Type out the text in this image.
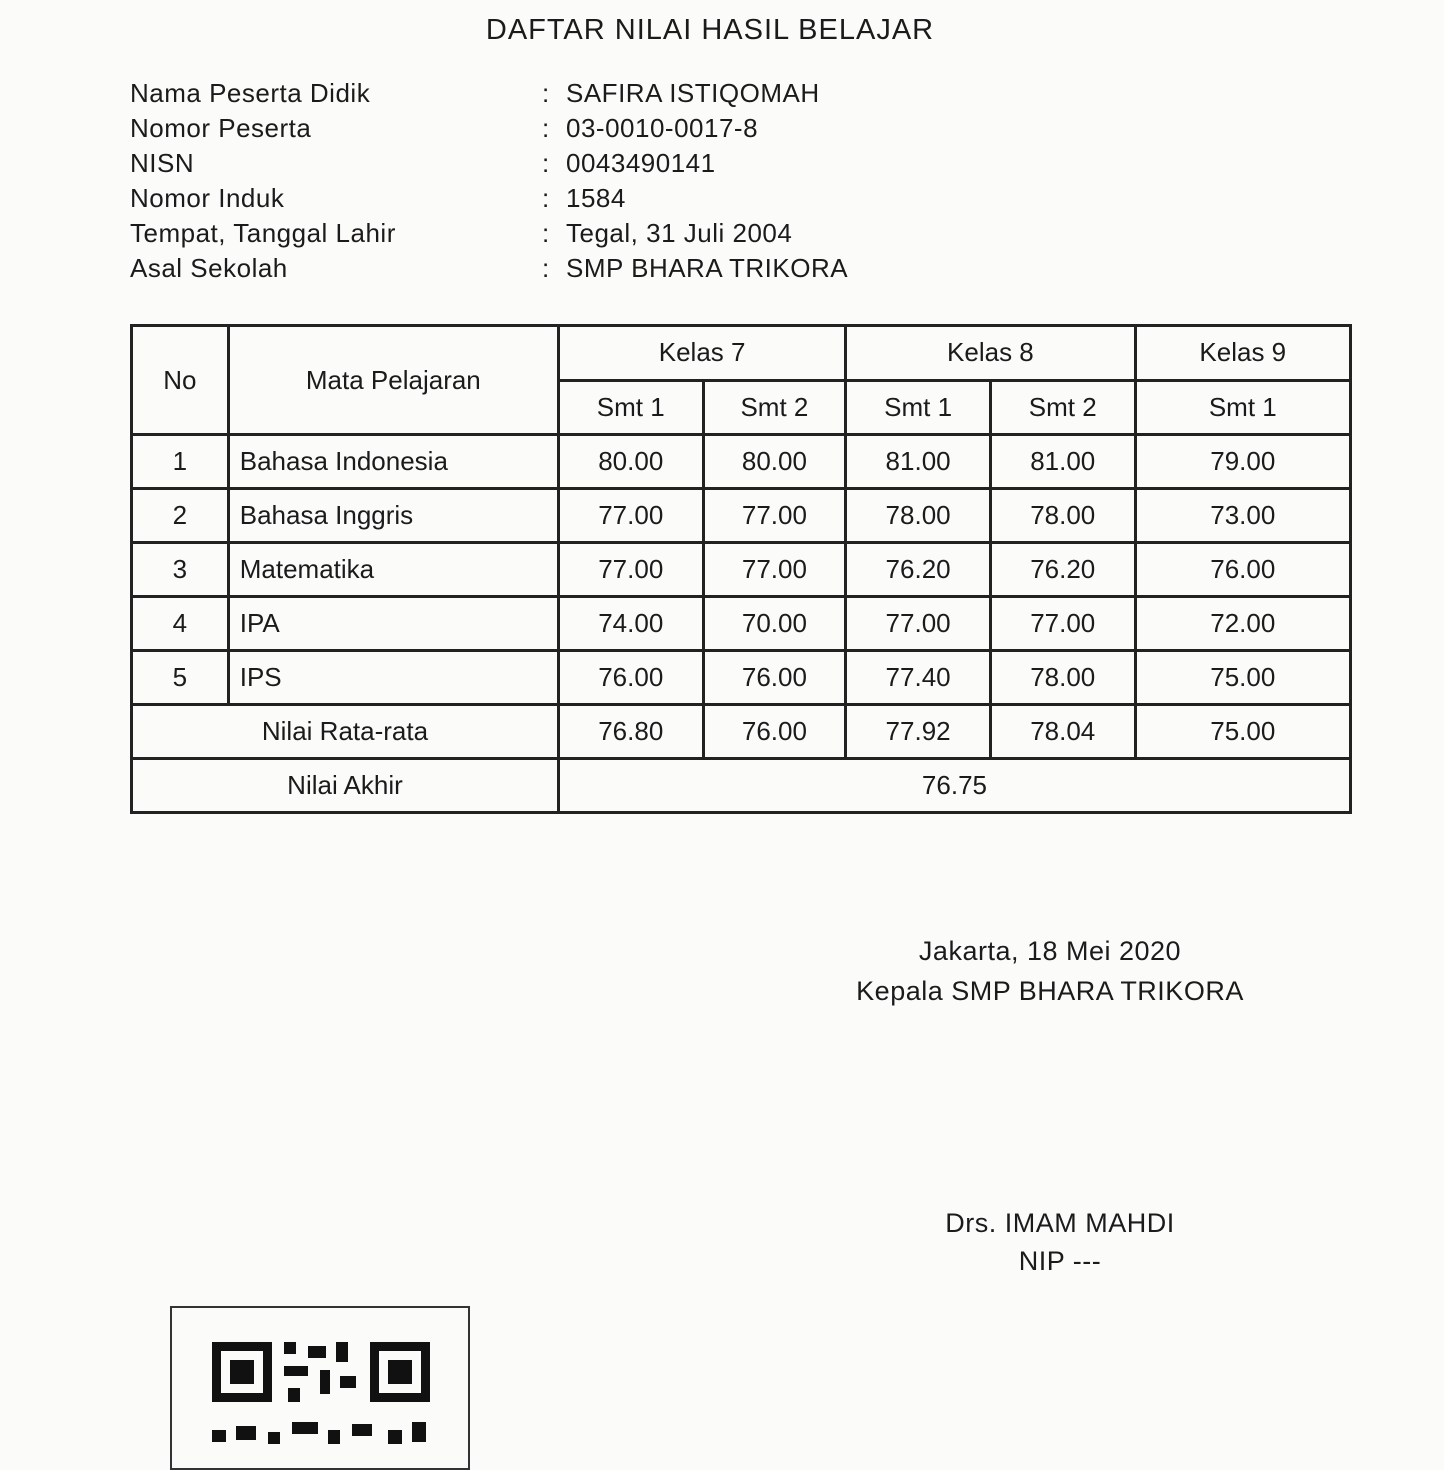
DAFTAR NILAI HASIL BELAJAR
Nama Peserta Didik	: SAFIRA ISTIQOMAH
Nomor Peserta	: 03-0010-0017-8
NISN	: 0043490141
Nomor Induk	: 1584
Tempat, Tanggal Lahir	: Tegal, 31 Juli 2004
Asal Sekolah	: SMP BHARA TRIKORA
No	Mata Pelajaran	Kelas 7		Kelas 8		Kelas 9
		Smt 1	Smt 2	Smt 1	Smt 2	Smt 1
1	Bahasa Indonesia	80.00	80.00	81.00	81.00	79.00
2	Bahasa Inggris	77.00	77.00	78.00	78.00	73.00
3	Matematika	77.00	77.00	76.20	76.20	76.00
4	IPA	74.00	70.00	77.00	77.00	72.00
5	IPS	76.00	76.00	77.40	78.00	75.00
Nilai Rata-rata		76.80	76.00	77.92	78.04	75.00
Nilai Akhir		76.75				
Jakarta, 18 Mei 2020
Kepala SMP BHARA TRIKORA
Drs. IMAM MAHDI
NIP ---
